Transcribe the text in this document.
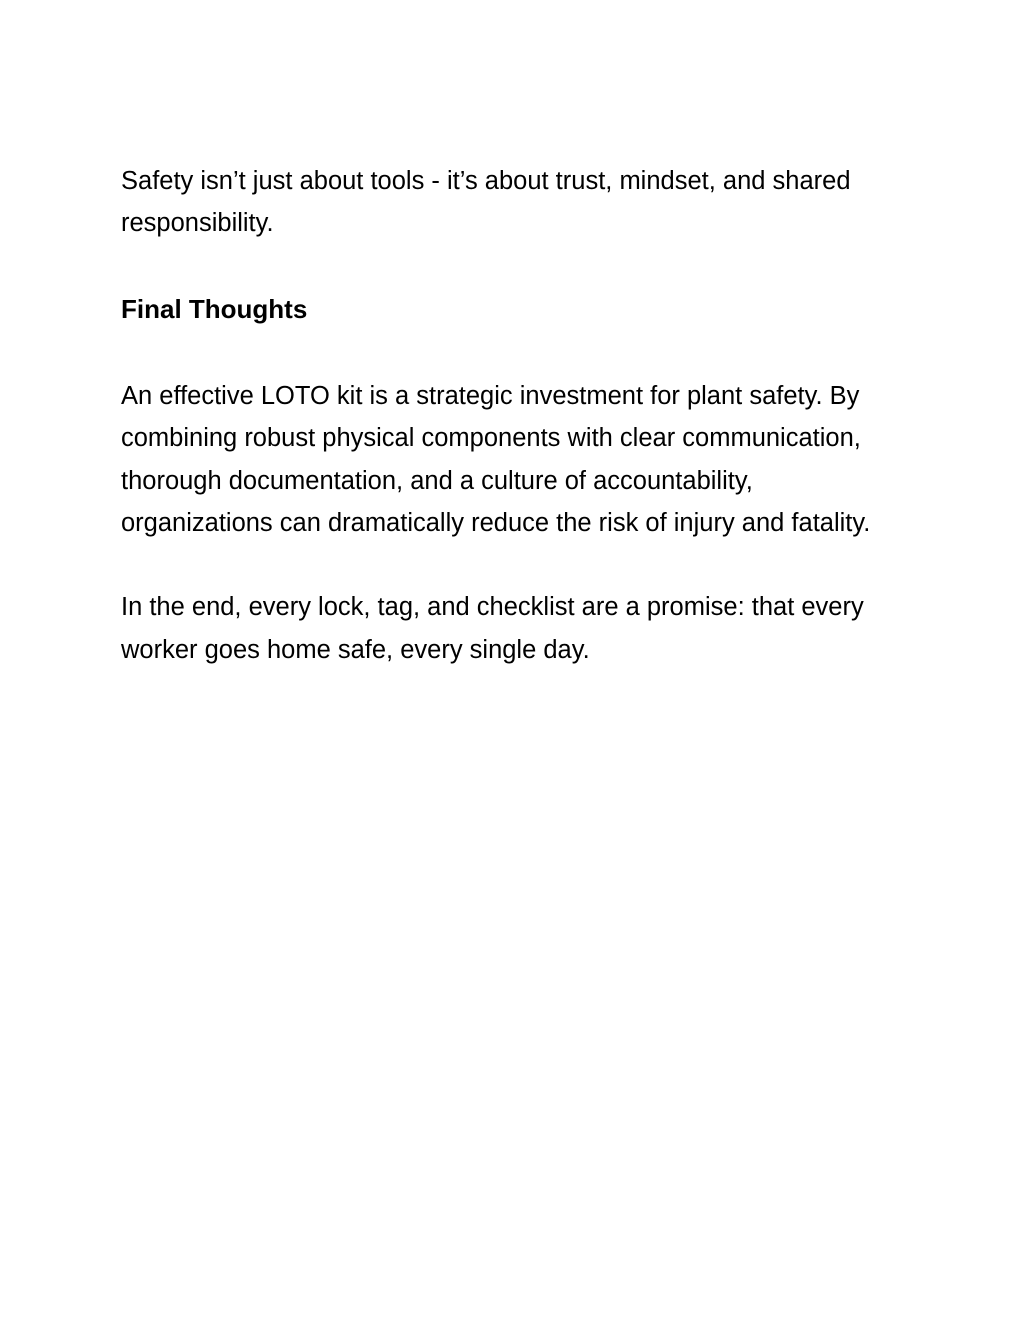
Safety isn’t just about tools - it’s about trust, mindset, and shared responsibility.

Final Thoughts

An effective LOTO kit is a strategic investment for plant safety. By combining robust physical components with clear communication, thorough documentation, and a culture of accountability, organizations can dramatically reduce the risk of injury and fatality.

In the end, every lock, tag, and checklist are a promise: that every worker goes home safe, every single day.
